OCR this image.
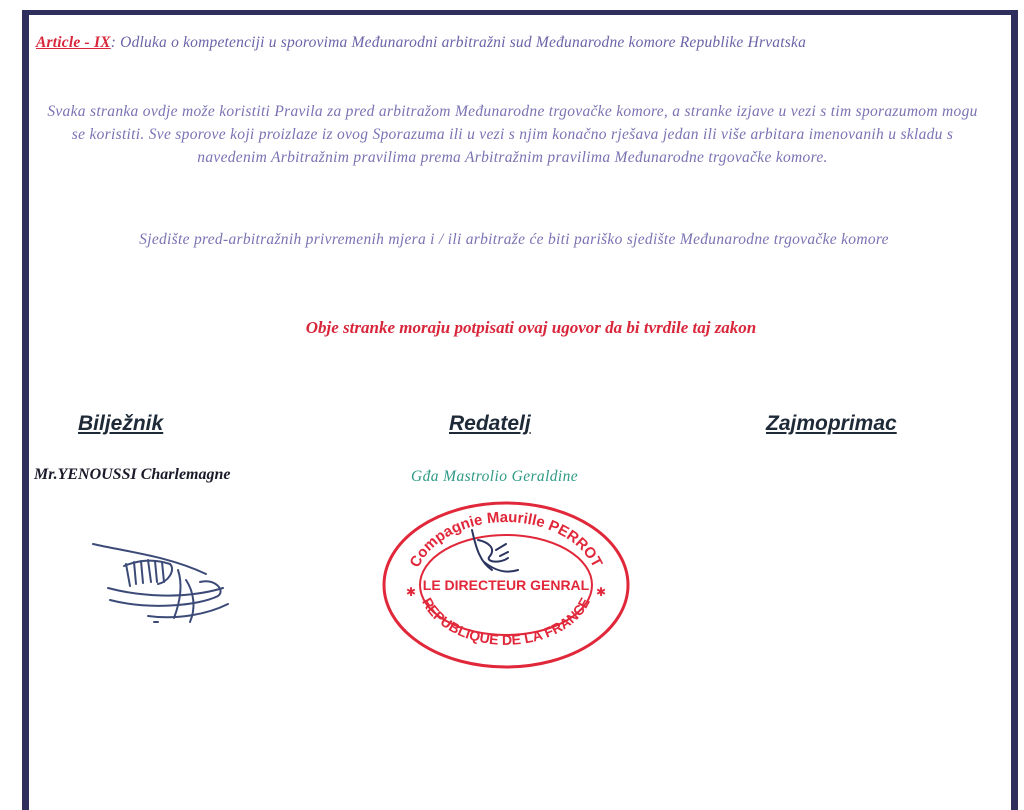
Article - IX: Odluka o kompetenciji u sporovima Međunarodni arbitražni sud Međunarodne komore Republike Hrvatska
Svaka stranka ovdje može koristiti Pravila za pred arbitražom Međunarodne trgovačke komore, a stranke izjave u vezi s tim sporazumom mogu se koristiti. Sve sporove koji proizlaze iz ovog Sporazuma ili u vezi s njim konačno rješava jedan ili više arbitara imenovanih u skladu s navedenim Arbitražnim pravilima prema Arbitražnim pravilima Međunarodne trgovačke komore.
Sjedište pred-arbitražnih privremenih mjera i / ili arbitraže će biti pariško sjedište Međunarodne trgovačke komore
Obje stranke moraju potpisati ovaj ugovor da bi tvrdile taj zakon
Bilježnik	Redatelj	Zajmoprimac
Mr.YENOUSSI Charlemagne	Gđa Mastrolio Geraldine
Compagnie Maurille PERROT
LE DIRECTEUR GENRAL
REPUBLIQUE DE LA FRANCE
✱	✱
